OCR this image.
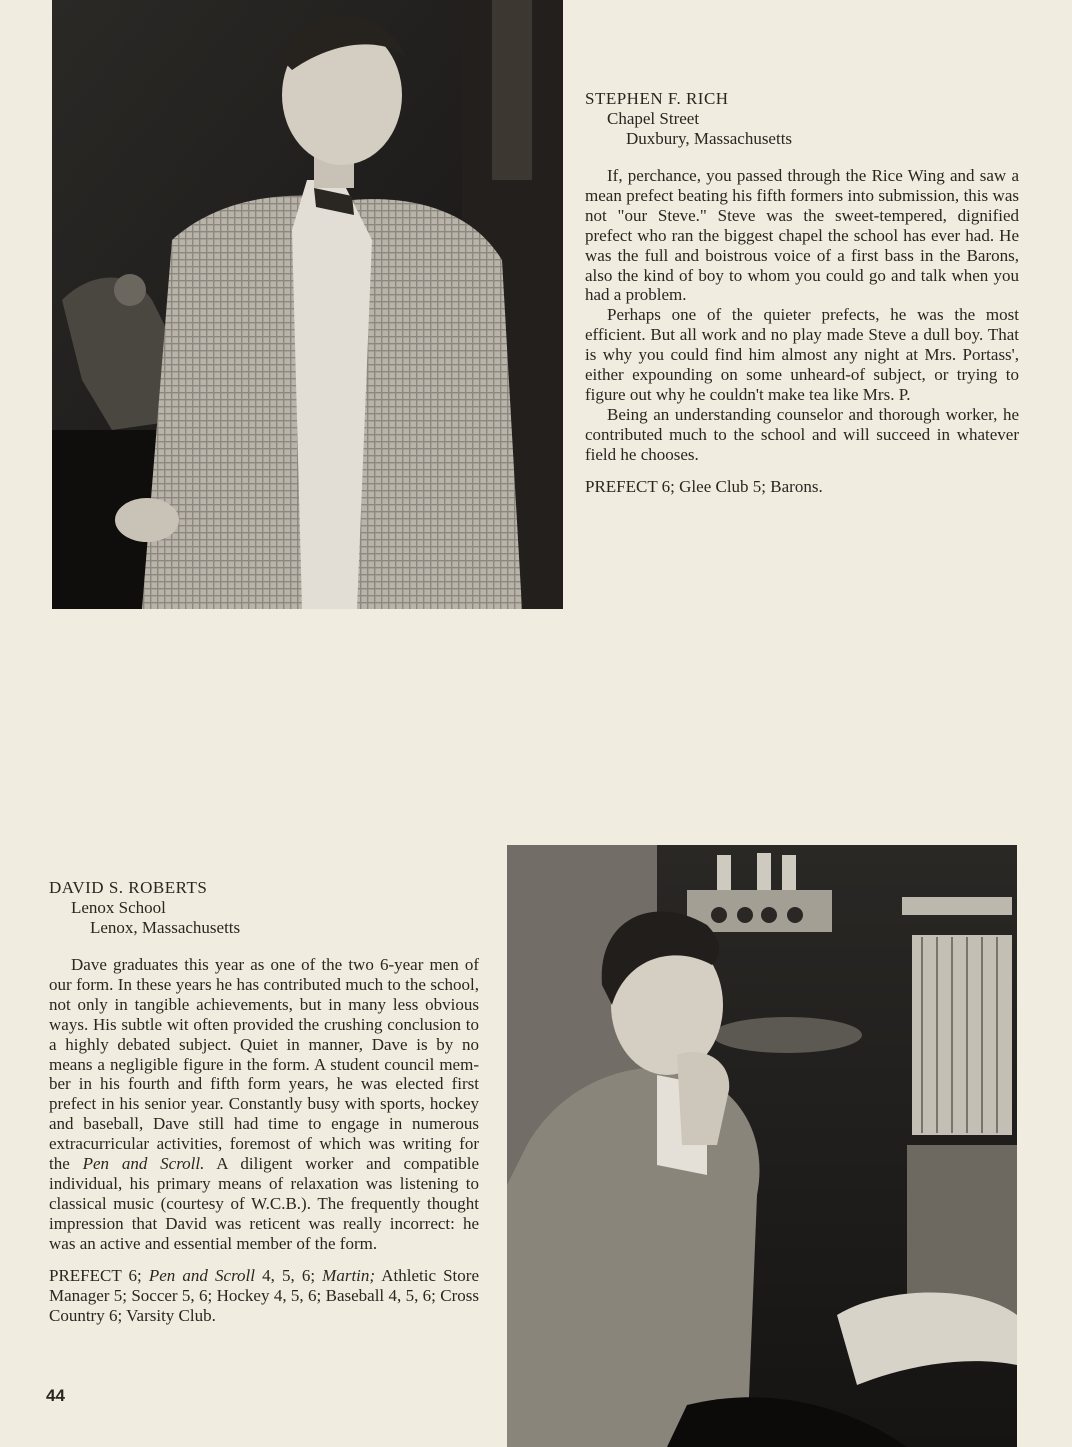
STEPHEN F. RICH

Chapel Street

Duxbury, Massachusetts

If, perchance, you passed through the Rice Wing and saw a mean prefect beating his fifth formers into submission, this was not "our Steve." Steve was the sweet-tempered, dignified prefect who ran the biggest chapel the school has ever had. He was the full and boistrous voice of a first bass in the Barons, also the kind of boy to whom you could go and talk when you had a problem.

Perhaps one of the quieter prefects, he was the most efficient. But all work and no play made Steve a dull boy. That is why you could find him almost any night at Mrs. Portass', either expounding on some unheard-of subject, or trying to figure out why he couldn't make tea like Mrs. P.

Being an understanding counselor and thorough worker, he contributed much to the school and will succeed in whatever field he chooses.

PREFECT 6; Glee Club 5; Barons.

DAVID S. ROBERTS

Lenox School

Lenox, Massachusetts

Dave graduates this year as one of the two 6-year men of our form. In these years he has contributed much to the school, not only in tangible achievements, but in many less obvious ways. His subtle wit often provided the crushing conclusion to a highly debated subject. Quiet in manner, Dave is by no means a negligible figure in the form. A student council member in his fourth and fifth form years, he was elected first prefect in his senior year. Constantly busy with sports, hockey and baseball, Dave still had time to engage in numerous extracurricular activities, foremost of which was writing for the Pen and Scroll. A diligent worker and compatible individual, his primary means of relaxation was listening to classical music (courtesy of W.C.B.). The frequently thought impression that David was reticent was really incorrect: he was an active and essential member of the form.

PREFECT 6; Pen and Scroll 4, 5, 6; Martin; Athletic Store Manager 5; Soccer 5, 6; Hockey 4, 5, 6; Baseball 4, 5, 6; Cross Country 6; Varsity Club.
44
